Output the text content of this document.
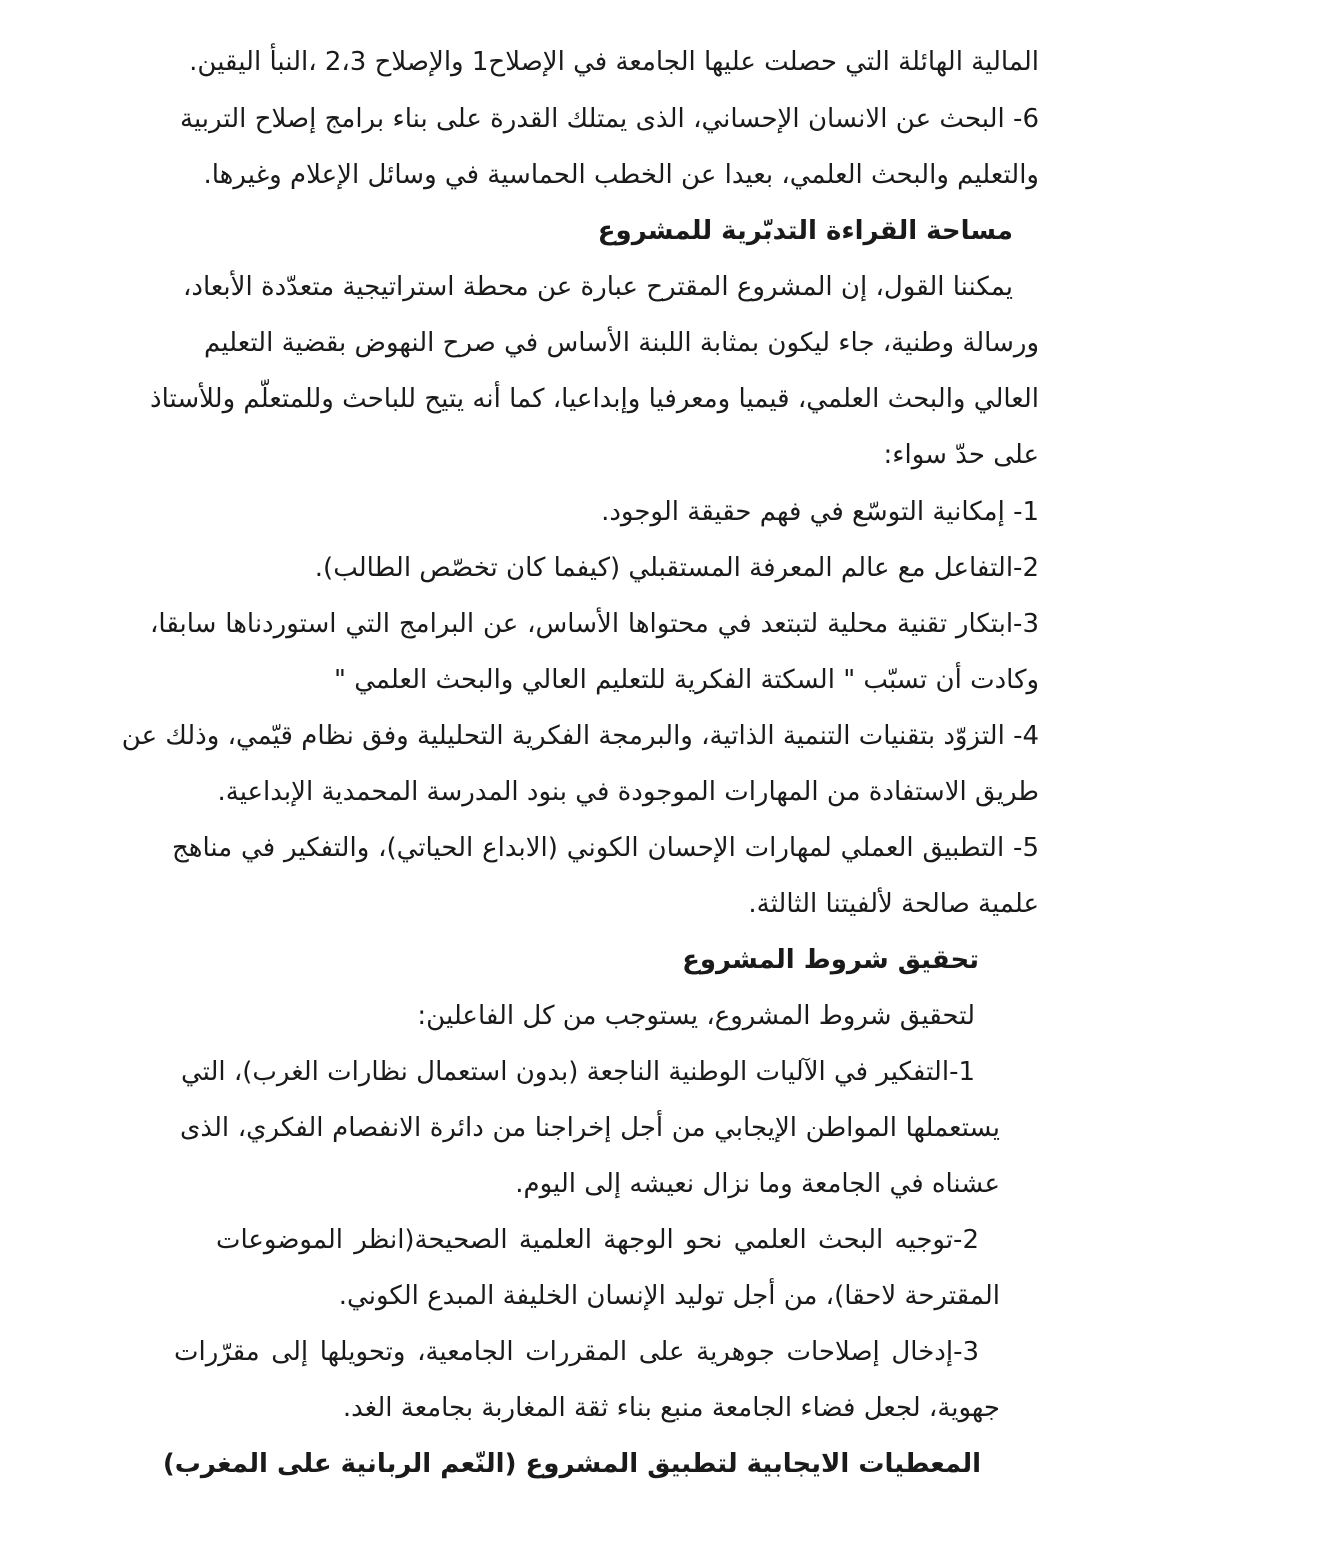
المالية الهائلة التي حصلت عليها الجامعة في الإصلاح1 والإصلاح 2،3 ،النبأ اليقين.
6- البحث عن الانسان الإحساني، الذى يمتلك القدرة على بناء برامج إصلاح التربية
والتعليم والبحث العلمي، بعيدا عن الخطب الحماسية في وسائل الإعلام وغيرها.
مساحة القراءة التدبّرية للمشروع
يمكننا القول، إن المشروع المقترح عبارة عن محطة استراتيجية متعدّدة الأبعاد،
ورسالة وطنية، جاء ليكون بمثابة اللبنة الأساس في صرح النهوض بقضية التعليم
العالي والبحث العلمي، قيميا ومعرفيا وإبداعيا، كما أنه يتيح للباحث وللمتعلّم وللأستاذ
على حدّ سواء:
1- إمكانية التوسّع في فهم حقيقة الوجود.
2-التفاعل مع عالم المعرفة المستقبلي (كيفما كان تخصّص الطالب).
3-ابتكار تقنية محلية لتبتعد في محتواها الأساس، عن البرامج التي استوردناها سابقا،
وكادت أن تسبّب " السكتة الفكرية للتعليم العالي والبحث العلمي "
4- التزوّد بتقنيات التنمية الذاتية، والبرمجة الفكرية التحليلية وفق نظام قيّمي، وذلك عن
طريق الاستفادة من المهارات الموجودة في بنود المدرسة المحمدية الإبداعية.
5- التطبيق العملي لمهارات الإحسان الكوني (الابداع الحياتي)، والتفكير في مناهج
علمية صالحة لألفيتنا الثالثة.
تحقيق شروط المشروع
لتحقيق شروط المشروع، يستوجب من كل الفاعلين:
1-التفكير في الآليات الوطنية الناجعة (بدون استعمال نظارات الغرب)، التي
يستعملها المواطن الإيجابي من أجل إخراجنا من دائرة الانفصام الفكري، الذى
عشناه في الجامعة وما نزال نعيشه إلى اليوم.
2-توجيه البحث العلمي نحو الوجهة العلمية الصحيحة(انظر الموضوعات
المقترحة لاحقا)، من أجل توليد الإنسان الخليفة المبدع الكوني.
3-إدخال إصلاحات جوهرية على المقررات الجامعية، وتحويلها إلى مقرّرات
جهوية، لجعل فضاء الجامعة منبع بناء ثقة المغاربة بجامعة الغد.
المعطيات الايجابية لتطبيق المشروع (النّعم الربانية على المغرب)
